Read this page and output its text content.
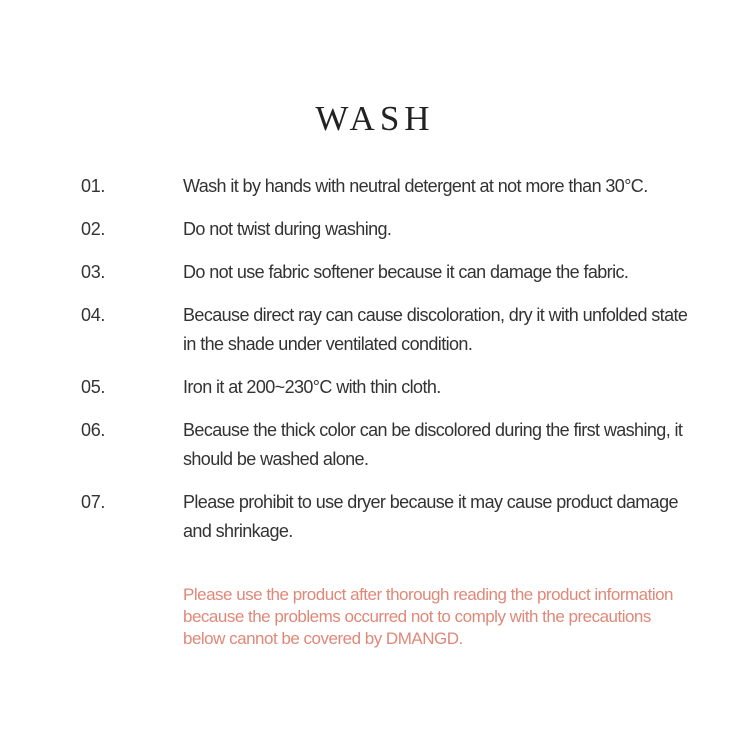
WASH
01.	Wash it by hands with neutral detergent at not more than 30°C.
02.	Do not twist during washing.
03.	Do not use fabric softener because it can damage the fabric.
04.	Because direct ray can cause discoloration, dry it with unfolded state in the shade under ventilated condition.
05.	Iron it at 200~230°C with thin cloth.
06.	Because the thick color can be discolored during the first washing, it should be washed alone.
07.	Please prohibit to use dryer because it may cause product damage and shrinkage.
Please use the product after thorough reading the product information because the problems occurred not to comply with the precautions below cannot be covered by DMANGD.
